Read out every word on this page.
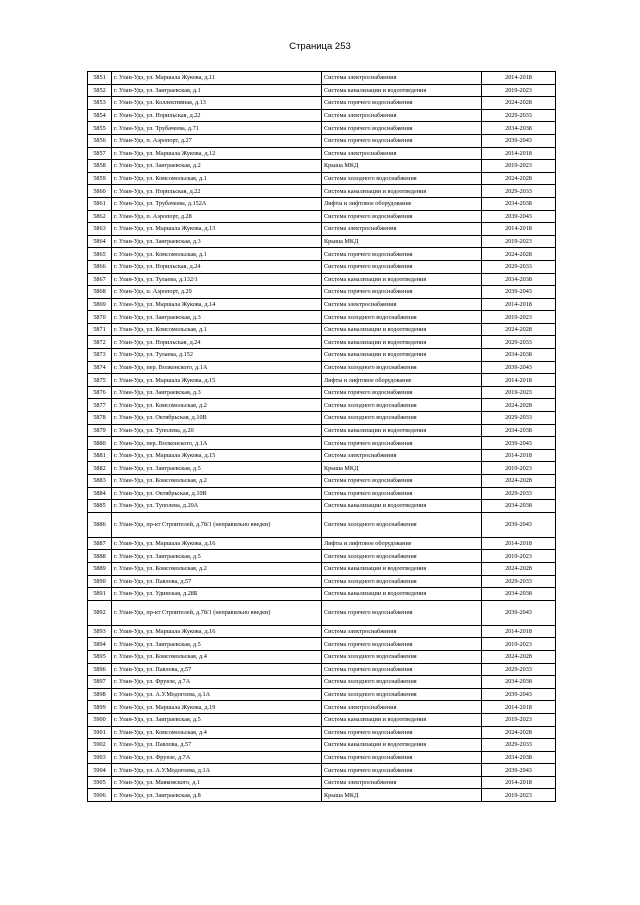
Страница 253
5851	г. Улан-Удэ, ул. Маршала Жукова, д.11	Система электроснабжения	2014-2018
5852	г. Улан-Удэ, ул. Заиграевская, д.1	Система канализации и водоотведения	2019-2023
5853	г. Улан-Удэ, ул. Коллективная, д.13	Система горячего водоснабжения	2024-2028
5854	г. Улан-Удэ, ул. Норильская, д.22	Система электроснабжения	2029-2033
5855	г. Улан-Удэ, ул. Трубачеева, д.71	Система горячего водоснабжения	2034-2038
5856	г. Улан-Удэ, п. Аэропорт, д.27	Система горячего водоснабжения	2039-2043
5857	г. Улан-Удэ, ул. Маршала Жукова, д.12	Система электроснабжения	2014-2018
5858	г. Улан-Удэ, ул. Заиграевская, д.2	Крыша МКД	2019-2023
5859	г. Улан-Удэ, ул. Комсомольская, д.1	Система холодного водоснабжения	2024-2028
5860	г. Улан-Удэ, ул. Норильская, д.22	Система канализации и водоотведения	2029-2033
5861	г. Улан-Удэ, ул. Трубачеева, д.152А	Лифты и лифтовое оборудование	2034-2038
5862	г. Улан-Удэ, п. Аэропорт, д.28	Система горячего водоснабжения	2039-2043
5863	г. Улан-Удэ, ул. Маршала Жукова, д.13	Система электроснабжения	2014-2018
5864	г. Улан-Удэ, ул. Заиграевская, д.3	Крыша МКД	2019-2023
5865	г. Улан-Удэ, ул. Комсомольская, д.1	Система горячего водоснабжения	2024-2028
5866	г. Улан-Удэ, ул. Норильская, д.24	Система горячего водоснабжения	2029-2033
5867	г. Улан-Удэ, ул. Тулаева, д.132/1	Система канализации и водоотведения	2034-2038
5868	г. Улан-Удэ, п. Аэропорт, д.29	Система горячего водоснабжения	2039-2043
5869	г. Улан-Удэ, ул. Маршала Жукова, д.14	Система электроснабжения	2014-2018
5870	г. Улан-Удэ, ул. Заиграевская, д.3	Система холодного водоснабжения	2019-2023
5871	г. Улан-Удэ, ул. Комсомольская, д.1	Система канализации и водоотведения	2024-2028
5872	г. Улан-Удэ, ул. Норильская, д.24	Система канализации и водоотведения	2029-2033
5873	г. Улан-Удэ, ул. Тулаева, д.152	Система канализации и водоотведения	2034-2038
5874	г. Улан-Удэ, пер. Волконского, д.1А	Система холодного водоснабжения	2039-2043
5875	г. Улан-Удэ, ул. Маршала Жукова, д.15	Лифты и лифтовое оборудование	2014-2018
5876	г. Улан-Удэ, ул. Заиграевская, д.3	Система горячего водоснабжения	2019-2023
5877	г. Улан-Удэ, ул. Комсомольская, д.2	Система холодного водоснабжения	2024-2028
5878	г. Улан-Удэ, ул. Октябрьская, д.10В	Система холодного водоснабжения	2029-2033
5879	г. Улан-Удэ, ул. Туполева, д.20	Система канализации и водоотведения	2034-2038
5880	г. Улан-Удэ, пер. Волконского, д.1А	Система горячего водоснабжения	2039-2043
5881	г. Улан-Удэ, ул. Маршала Жукова, д.15	Система электроснабжения	2014-2018
5882	г. Улан-Удэ, ул. Заиграевская, д.5	Крыша МКД	2019-2023
5883	г. Улан-Удэ, ул. Комсомольская, д.2	Система горячего водоснабжения	2024-2028
5884	г. Улан-Удэ, ул. Октябрьская, д.10В	Система горячего водоснабжения	2029-2033
5885	г. Улан-Удэ, ул. Туполева, д.20А	Система канализации и водоотведения	2034-2038
5886	г. Улан-Удэ, пр-кт Строителей, д.78/1 (неправильно введен)	Система холодного водоснабжения	2039-2043
5887	г. Улан-Удэ, ул. Маршала Жукова, д.16	Лифты и лифтовое оборудование	2014-2018
5888	г. Улан-Удэ, ул. Заиграевская, д.5	Система холодного водоснабжения	2019-2023
5889	г. Улан-Удэ, ул. Комсомольская, д.2	Система канализации и водоотведения	2024-2028
5890	г. Улан-Удэ, ул. Павлова, д.57	Система холодного водоснабжения	2029-2033
5891	г. Улан-Удэ, ул. Удинская, д.28Б	Система канализации и водоотведения	2034-2038
5892	г. Улан-Удэ, пр-кт Строителей, д.78/1 (неправильно введен)	Система горячего водоснабжения	2039-2043
5893	г. Улан-Удэ, ул. Маршала Жукова, д.16	Система электроснабжения	2014-2018
5894	г. Улан-Удэ, ул. Заиграевская, д.5	Система горячего водоснабжения	2019-2023
5895	г. Улан-Удэ, ул. Комсомольская, д.4	Система холодного водоснабжения	2024-2028
5896	г. Улан-Удэ, ул. Павлова, д.57	Система горячего водоснабжения	2029-2033
5897	г. Улан-Удэ, ул. Фрунзе, д.7А	Система холодного водоснабжения	2034-2038
5898	г. Улан-Удэ, ул. А.У.Модогоева, д.1А	Система холодного водоснабжения	2039-2043
5899	г. Улан-Удэ, ул. Маршала Жукова, д.19	Система электроснабжения	2014-2018
5900	г. Улан-Удэ, ул. Заиграевская, д.5	Система канализации и водоотведения	2019-2023
5901	г. Улан-Удэ, ул. Комсомольская, д.4	Система горячего водоснабжения	2024-2028
5902	г. Улан-Удэ, ул. Павлова, д.57	Система канализации и водоотведения	2029-2033
5903	г. Улан-Удэ, ул. Фрунзе, д.7А	Система горячего водоснабжения	2034-2038
5904	г. Улан-Удэ, ул. А.У.Модогоева, д.1А	Система горячего водоснабжения	2039-2043
5905	г. Улан-Удэ, ул. Маяковского, д.1	Система электроснабжения	2014-2018
5906	г. Улан-Удэ, ул. Заиграевская, д.8	Крыша МКД	2019-2023
